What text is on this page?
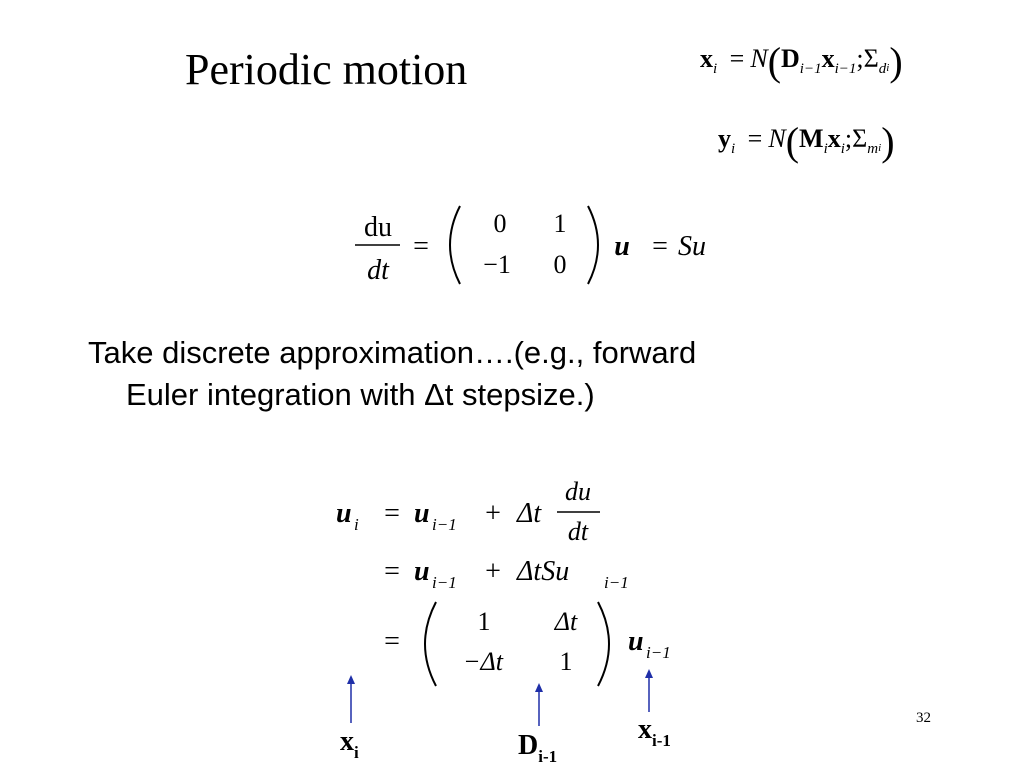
Periodic motion	$x_i$ = $N(D_{i-1}x_{i-1};\Sigma_di)$
$y_i$ = $N(M_ix_i;\Sigma_mi)$
du
dt
=
0 1
−1 0
u = Su
Take discrete approximation….(e.g., forward
Euler integration with Δt stepsize.)
u i = u i−1 + Δt
du
dt
= u i−1 + ΔtSu i−1
=
1 Δt
−Δt 1
u i−1
$x_i$	$D_{i-1}$
$x_{i-1}$
32
